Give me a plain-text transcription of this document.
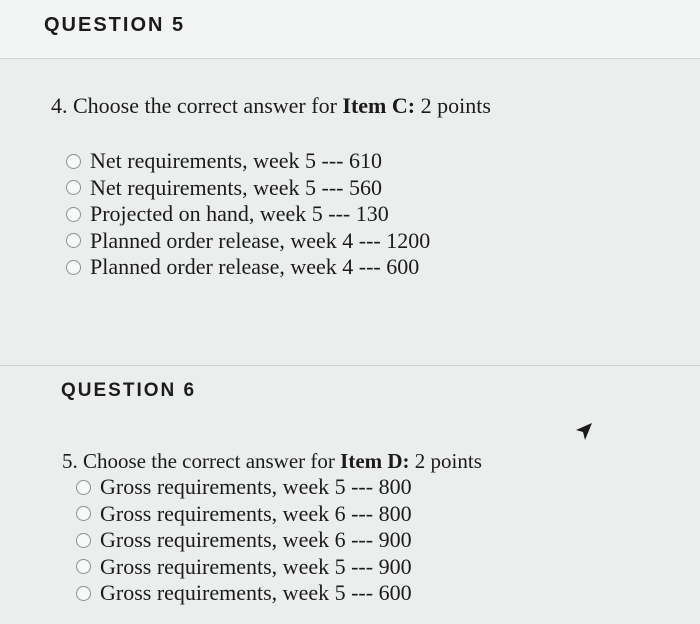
QUESTION 5
4. Choose the correct answer for Item C: 2 points
Net requirements, week 5 --- 610
Net requirements, week 5 --- 560
Projected on hand, week 5 --- 130
Planned order release, week 4 --- 1200
Planned order release, week 4 --- 600
QUESTION 6
5. Choose the correct answer for Item D: 2 points
Gross requirements, week 5 --- 800
Gross requirements, week 6 --- 800
Gross requirements, week 6 --- 900
Gross requirements, week 5 --- 900
Gross requirements, week 5 --- 600
